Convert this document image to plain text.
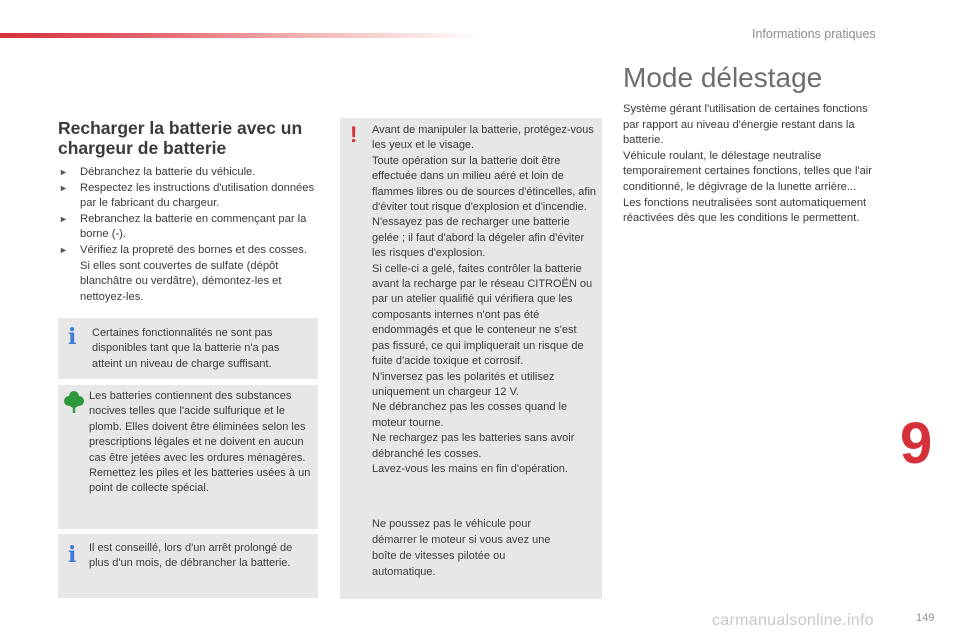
Informations pratiques
Recharger la batterie avec un chargeur de batterie
► Débranchez la batterie du véhicule.
► Respectez les instructions d'utilisation données par le fabricant du chargeur.
► Rebranchez la batterie en commençant par la borne (-).
► Vérifiez la propreté des bornes et des cosses. Si elles sont couvertes de sulfate (dépôt blanchâtre ou verdâtre), démontez-les et nettoyez-les.
i Certaines fonctionnalités ne sont pas disponibles tant que la batterie n'a pas atteint un niveau de charge suffisant.
Les batteries contiennent des substances nocives telles que l'acide sulfurique et le plomb. Elles doivent être éliminées selon les prescriptions légales et ne doivent en aucun cas être jetées avec les ordures ménagères.
Remettez les piles et les batteries usées à un point de collecte spécial.
i Il est conseillé, lors d'un arrêt prolongé de plus d'un mois, de débrancher la batterie.
Avant de manipuler la batterie, protégez-vous les yeux et le visage.
Toute opération sur la batterie doit être effectuée dans un milieu aéré et loin de flammes libres ou de sources d'étincelles, afin d'éviter tout risque d'explosion et d'incendie.
N'essayez pas de recharger une batterie gelée ; il faut d'abord la dégeler afin d'éviter les risques d'explosion.
Si celle-ci a gelé, faites contrôler la batterie avant la recharge par le réseau CITROËN ou par un atelier qualifié qui vérifiera que les composants internes n'ont pas été endommagés et que le conteneur ne s'est pas fissuré, ce qui impliquerait un risque de fuite d'acide toxique et corrosif.
N'inversez pas les polarités et utilisez uniquement un chargeur 12 V.
Ne débranchez pas les cosses quand le moteur tourne.
Ne rechargez pas les batteries sans avoir débranché les cosses.
Lavez-vous les mains en fin d'opération.
Ne poussez pas le véhicule pour démarrer le moteur si vous avez une boîte de vitesses pilotée ou automatique.
!
Mode délestage
Système gérant l'utilisation de certaines fonctions par rapport au niveau d'énergie restant dans la batterie.
Véhicule roulant, le délestage neutralise temporairement certaines fonctions, telles que l'air conditionné, le dégivrage de la lunette arrière...
Les fonctions neutralisées sont automatiquement réactivées dès que les conditions le permettent.
9
carmanualsonline.info	149
